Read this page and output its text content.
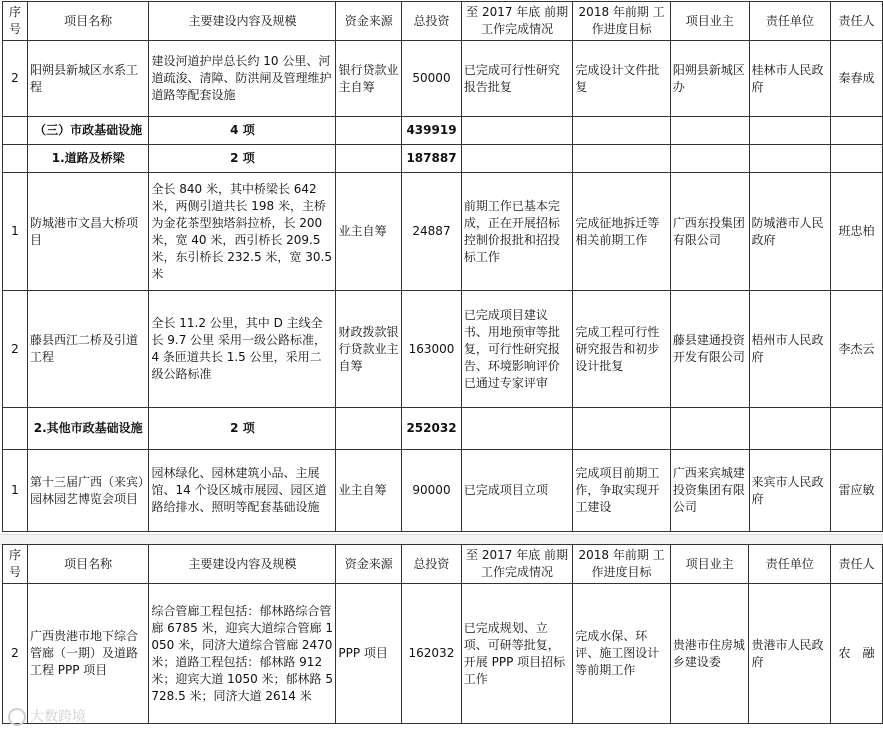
序号	项目名称	主要建设内容及规模	资金来源	总投资	至 2017 年底 前期工作完成情况	2018 年前期 工作进度目标	项目业主	责任单位	责任人
2	阳朔县新城区水系工程	建设河道护岸总长约 10 公里、河道疏浚、清障、防洪闸及管理维护道路等配套设施	银行贷款业主自筹	50000	已完成可行性研究报告批复	完成设计文件批复	阳朔县新城区办	桂林市人民政府	秦春成
	（三）市政基础设施	4 项		439919					
	1.道路及桥梁	2 项		187887					
1	防城港市文昌大桥项目	全长 840 米，其中桥梁长 642 米，两侧引道共长 198 米，主桥为金花茶型独塔斜拉桥，长 200 米，宽 40 米，西引桥长 209.5 米，东引桥长 232.5 米，宽 30.5 米	业主自筹	24887	前期工作已基本完成，正在开展招标控制价报批和招投标工作	完成征地拆迁等相关前期工作	广西东投集团有限公司	防城港市人民政府	班忠柏
2	藤县西江二桥及引道工程	全长 11.2 公里，其中 D 主线全长 9.7 公里 采用一级公路标准，4 条匝道共长 1.5 公里，采用二级公路标准	财政拨款银行贷款业主自筹	163000	已完成项目建议书、用地预审等批复，可行性研究报告、环境影响评价已通过专家评审	完成工程可行性研究报告和初步设计批复	藤县建通投资开发有限公司	梧州市人民政府	李杰云
	2.其他市政基础设施	2 项		252032					
1	第十三届广西（来宾）园林园艺博览会项目	园林绿化、园林建筑小品、主展馆、14 个设区城市展园、园区道路给排水、照明等配套基础设施	业主自筹	90000	已完成项目立项	完成项目前期工作，争取实现开工建设	广西来宾城建投资集团有限公司	来宾市人民政府	雷应敏
序号	项目名称	主要建设内容及规模	资金来源	总投资	至 2017 年底 前期工作完成情况	2018 年前期 工作进度目标	项目业主	责任单位	责任人
2	广西贵港市地下综合管廊（一期）及道路工程 PPP 项目	综合管廊工程包括：郁林路综合管廊 6785 米，迎宾大道综合管廊 1050 米，同济大道综合管廊 2470 米；道路工程包括：郁林路 912 米；迎宾大道 1050 米；郁林路 5728.5 米；同济大道 2614 米	PPP 项目	162032	已完成规划、立项、可研等批复，开展 PPP 项目招标工作	完成水保、环评、施工图设计等前期工作	贵港市住房城乡建设委	贵港市人民政府	农　融
大数跨境
